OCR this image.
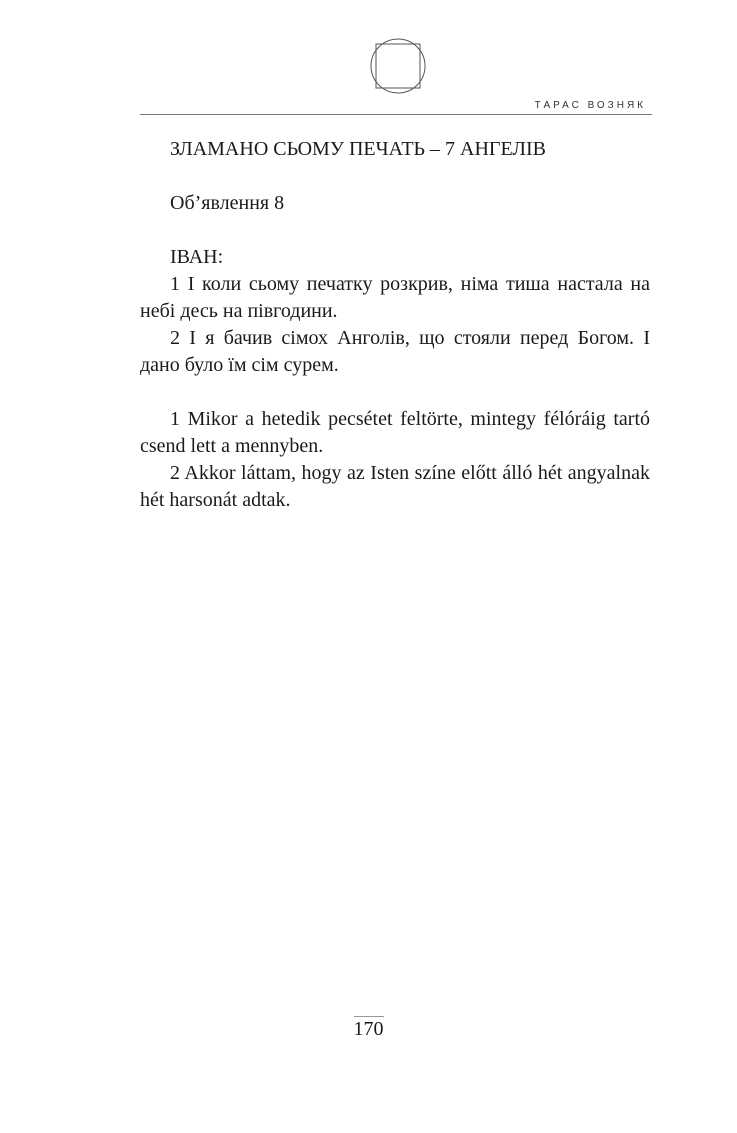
ТАРАС ВОЗНЯК

ЗЛАМАНО СЬОМУ ПЕЧАТЬ – 7 АНГЕЛІВ

Об’явлення 8

ІВАН:

1 І коли сьому печатку розкрив, німа тиша настала на небі десь на півгодини.

2 І я бачив сімох Анголів, що стояли перед Богом. І дано було їм сім сурем.

1 Mikor a hetedik pecsétet feltörte, mintegy félóráig tartó csend lett a mennyben.

2 Akkor láttam, hogy az Isten színe előtt álló hét angyalnak hét harsonát adtak.

170
